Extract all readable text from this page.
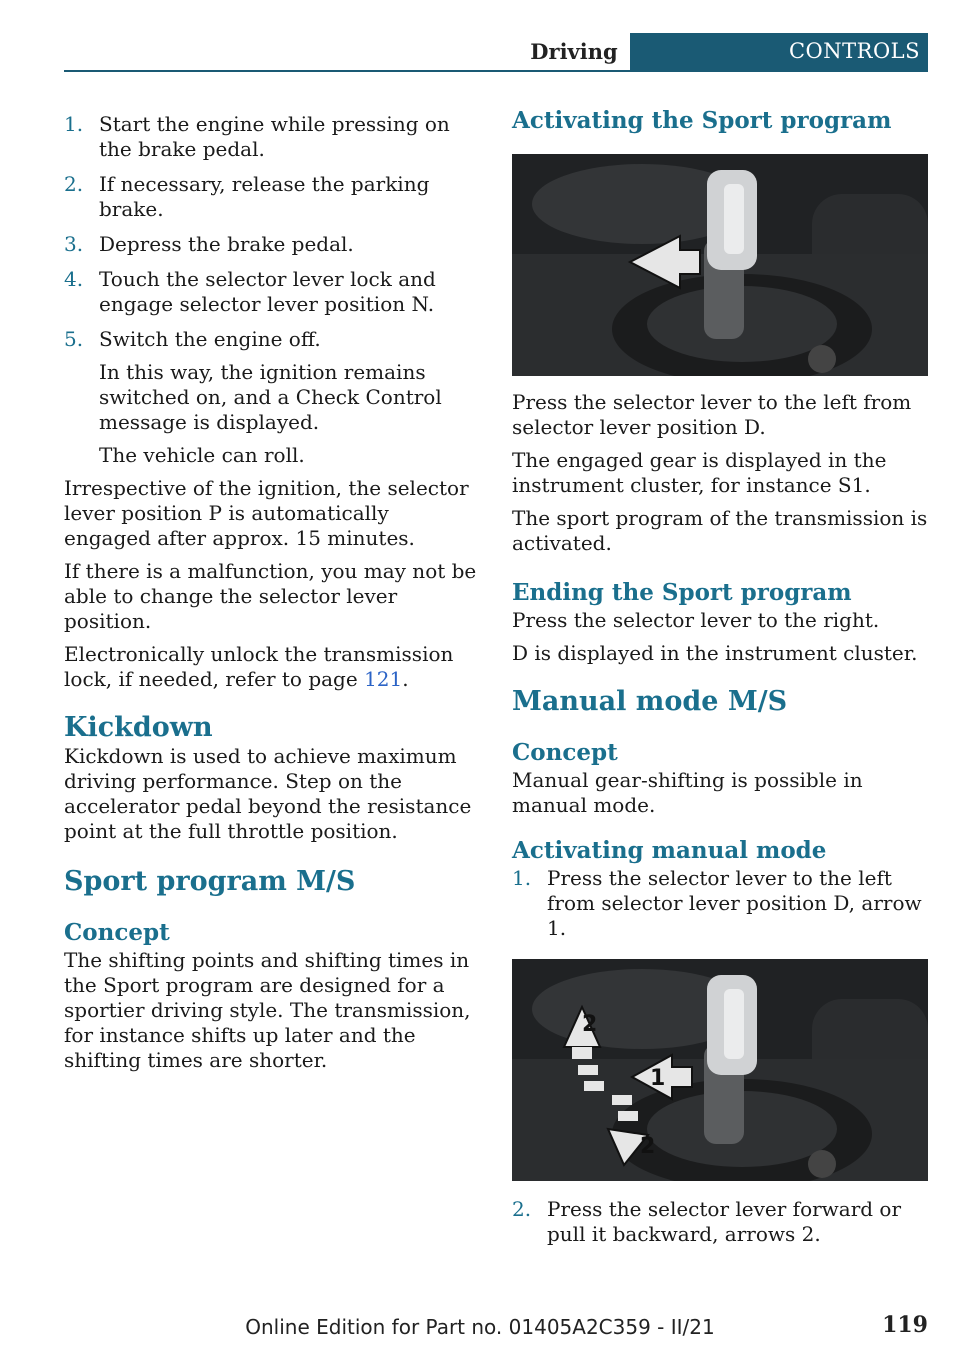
Driving	CONTROLS
1. Start the engine while pressing on the brake pedal.
2. If necessary, release the parking brake.
3. Depress the brake pedal.
4. Touch the selector lever lock and engage selector lever position N.
5. Switch the engine off.

In this way, the ignition remains switched on, and a Check Control message is displayed.

The vehicle can roll.

Irrespective of the ignition, the selector lever position P is automatically engaged after approx. 15 minutes.

If there is a malfunction, you may not be able to change the selector lever position.

Electronically unlock the transmission lock, if needed, refer to page 121.

Kickdown

Kickdown is used to achieve maximum driving performance. Step on the accelerator pedal beyond the resistance point at the full throttle position.

Sport program M/S
Concept

The shifting points and shifting times in the Sport program are designed for a sportier driving style. The transmission, for instance shifts up later and the shifting times are shorter.

Activating the Sport program

Press the selector lever to the left from selector lever position D.

The engaged gear is displayed in the instrument cluster, for instance S1.

The sport program of the transmission is activated.

Ending the Sport program

Press the selector lever to the right.

D is displayed in the instrument cluster.

Manual mode M/S
Concept

Manual gear-shifting is possible in manual mode.

Activating manual mode
1. Press the selector lever to the left from selector lever position D, arrow 1.
2
1
2
2. Press the selector lever forward or pull it backward, arrows 2.
Online Edition for Part no. 01405A2C359 - II/21	119
